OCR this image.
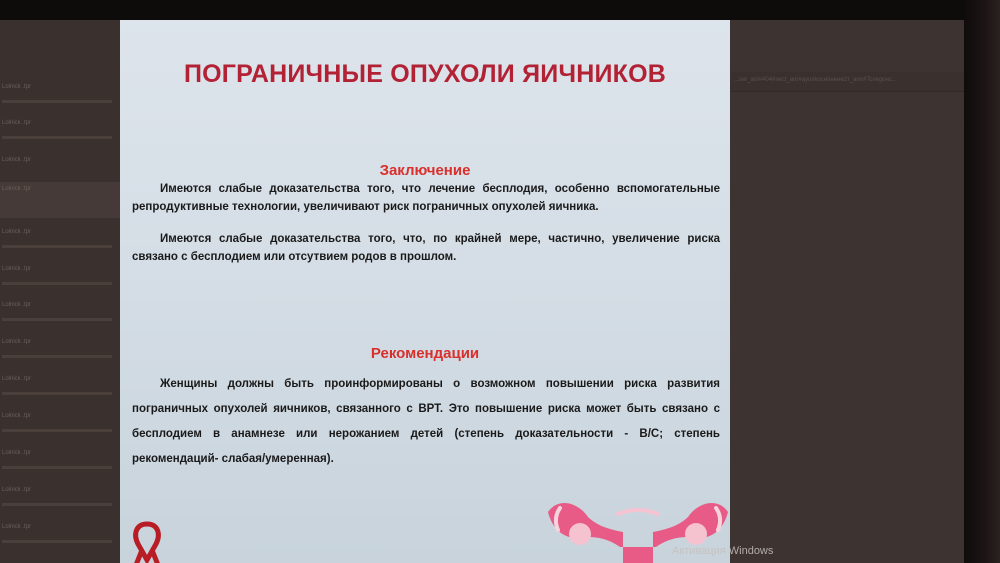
Lolnick .tpr
Lolnick .tpr
Lolnick .tpr
Lolnick .tpr
Lolnick .tpr
Lolnick .tpr
Lolnick .tpr
Lolnick .tpr
Lolnick .tpr
Lolnick .tpr
Lolnick .tpr
Lolnick .tpr
Lolnick .tpr
...ser_ani#404#sect_anr#ayuxkocнoнeнe2т_ann#Tcvegoнс...
ПОГРАНИЧНЫЕ ОПУХОЛИ ЯИЧНИКОВ
Заключение
Имеются слабые доказательства того, что лечение бесплодия, особенно вспомогательные репродуктивные технологии, увеличивают риск пограничных опухолей яичника.
Имеются слабые доказательства того, что, по крайней мере, частично, увеличение риска связано с бесплодием или отсутвием родов в прошлом.
Рекомендации
Женщины должны быть проинформированы о возможном повышении риска развития пограничных опухолей яичников, связанного с ВРТ. Это повышение риска может быть связано с бесплодием в анамнезе или нерожанием детей (степень доказательности - В/С; степень рекомендаций- слабая/умеренная).
Активация Windows
